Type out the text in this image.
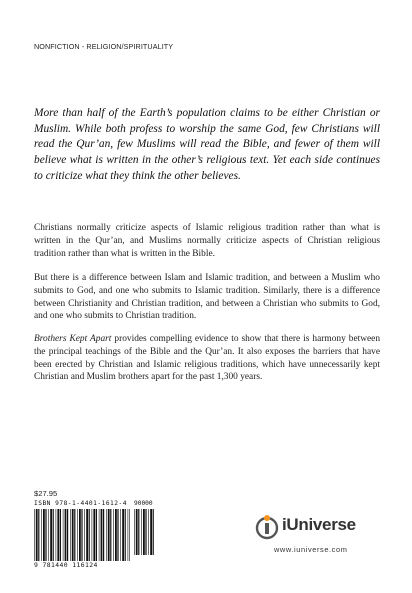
NONFICTION - RELIGION/SPIRITUALITY

More than half of the Earth’s population claims to be either Christian or Muslim. While both profess to worship the same God, few Christians will read the Qur’an, few Muslims will read the Bible, and fewer of them will believe what is written in the other’s religious text. Yet each side continues to criticize what they think the other believes.

Christians normally criticize aspects of Islamic religious tradition rather than what is written in the Qur’an, and Muslims normally criticize aspects of Christian religious tradition rather than what is written in the Bible.

But there is a difference between Islam and Islamic tradition, and between a Muslim who submits to God, and one who submits to Islamic tradition. Similarly, there is a difference between Christianity and Christian tradition, and between a Christian who submits to God, and one who submits to Christian tradition.

Brothers Kept Apart provides compelling evidence to show that there is harmony between the principal teachings of the Bible and the Qur’an. It also exposes the barriers that have been erected by Christian and Islamic religious traditions, which have unnecessarily kept Christian and Muslim brothers apart for the past 1,300 years.

$27.95
ISBN 978-1-4401-1612-4
9 781440 116124
90000
iUniverse
www.iuniverse.com
